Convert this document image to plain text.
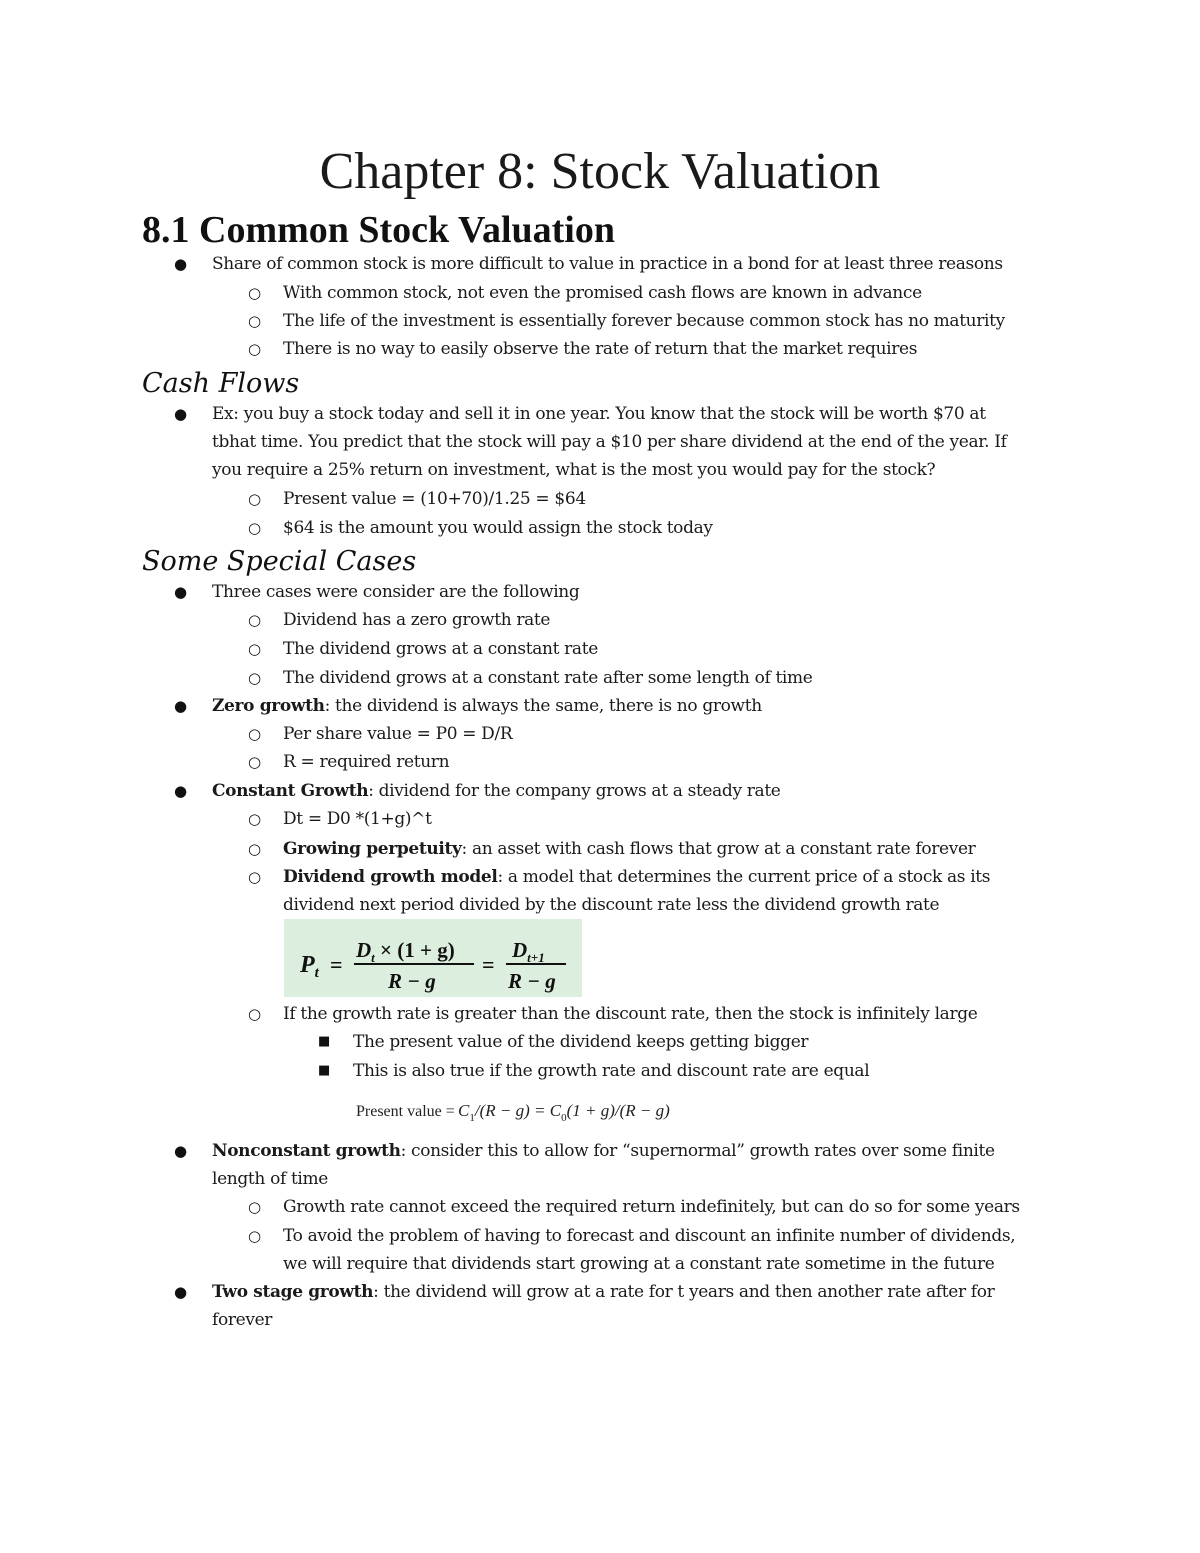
Chapter 8: Stock Valuation
8.1 Common Stock Valuation
● Share of common stock is more difficult to value in practice in a bond for at least three reasons
○ With common stock, not even the promised cash flows are known in advance
○ The life of the investment is essentially forever because common stock has no maturity
○ There is no way to easily observe the rate of return that the market requires
Cash Flows
● Ex: you buy a stock today and sell it in one year. You know that the stock will be worth $70 at
tbhat time. You predict that the stock will pay a $10 per share dividend at the end of the year. If
you require a 25% return on investment, what is the most you would pay for the stock?
○ Present value = (10+70)/1.25 = $64
○ $64 is the amount you would assign the stock today
Some Special Cases
● Three cases were consider are the following
○ Dividend has a zero growth rate
○ The dividend grows at a constant rate
○ The dividend grows at a constant rate after some length of time
● Zero growth: the dividend is always the same, there is no growth
○ Per share value = P0 = D/R
○ R = required return
● Constant Growth: dividend for the company grows at a steady rate
○ Dt = D0 *(1+g)^t
○ Growing perpetuity: an asset with cash flows that grow at a constant rate forever
○ Dividend growth model: a model that determines the current price of a stock as its
dividend next period divided by the discount rate less the dividend growth rate
$P_t$ =
$D_t \times (1 + g)$
R − g
=
$D_{t+1}$
R − g
○ If the growth rate is greater than the discount rate, then the stock is infinitely large
■ The present value of the dividend keeps getting bigger
■ This is also true if the growth rate and discount rate are equal
Present value = $C_1/(R - g) = C_0(1 + g)/(R - g)$
● Nonconstant growth: consider this to allow for “supernormal” growth rates over some finite
length of time
○ Growth rate cannot exceed the required return indefinitely, but can do so for some years
○ To avoid the problem of having to forecast and discount an infinite number of dividends,
we will require that dividends start growing at a constant rate sometime in the future
● Two stage growth: the dividend will grow at a rate for t years and then another rate after for
forever
